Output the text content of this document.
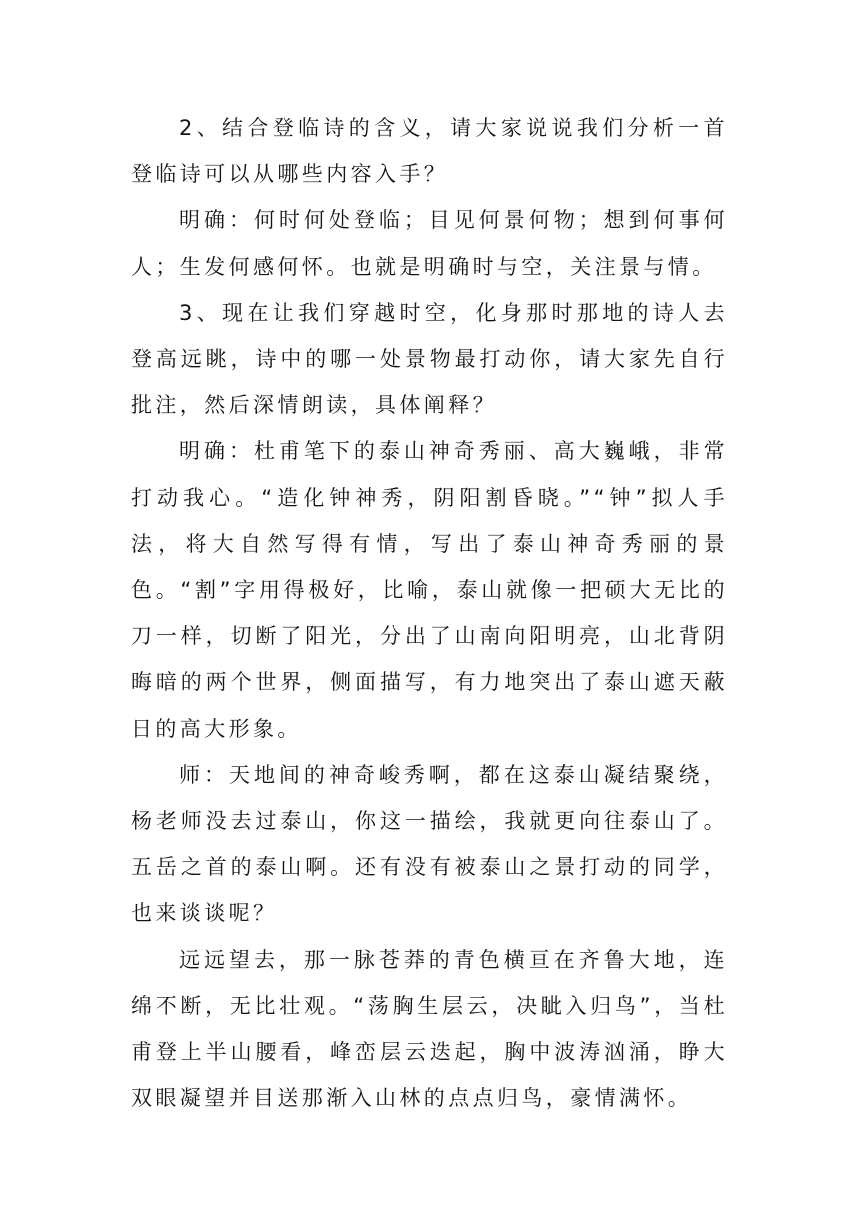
2、结合登临诗的含义，请大家说说我们分析一首登临诗可以从哪些内容入手？

明确：何时何处登临；目见何景何物；想到何事何人；生发何感何怀。也就是明确时与空，关注景与情。

3、现在让我们穿越时空，化身那时那地的诗人去登高远眺，诗中的哪一处景物最打动你，请大家先自行批注，然后深情朗读，具体阐释？

明确：杜甫笔下的泰山神奇秀丽、高大巍峨，非常打动我心。“造化钟神秀，阴阳割昏晓。”“钟”拟人手法，将大自然写得有情，写出了泰山神奇秀丽的景色。“割”字用得极好，比喻，泰山就像一把硕大无比的刀一样，切断了阳光，分出了山南向阳明亮，山北背阴晦暗的两个世界，侧面描写，有力地突出了泰山遮天蔽日的高大形象。

师：天地间的神奇峻秀啊，都在这泰山凝结聚绕，杨老师没去过泰山，你这一描绘，我就更向往泰山了。五岳之首的泰山啊。还有没有被泰山之景打动的同学，也来谈谈呢？

远远望去，那一脉苍莽的青色横亘在齐鲁大地，连绵不断，无比壮观。“荡胸生层云，决眦入归鸟”，当杜甫登上半山腰看，峰峦层云迭起，胸中波涛汹涌，睁大双眼凝望并目送那渐入山林的点点归鸟，豪情满怀。
